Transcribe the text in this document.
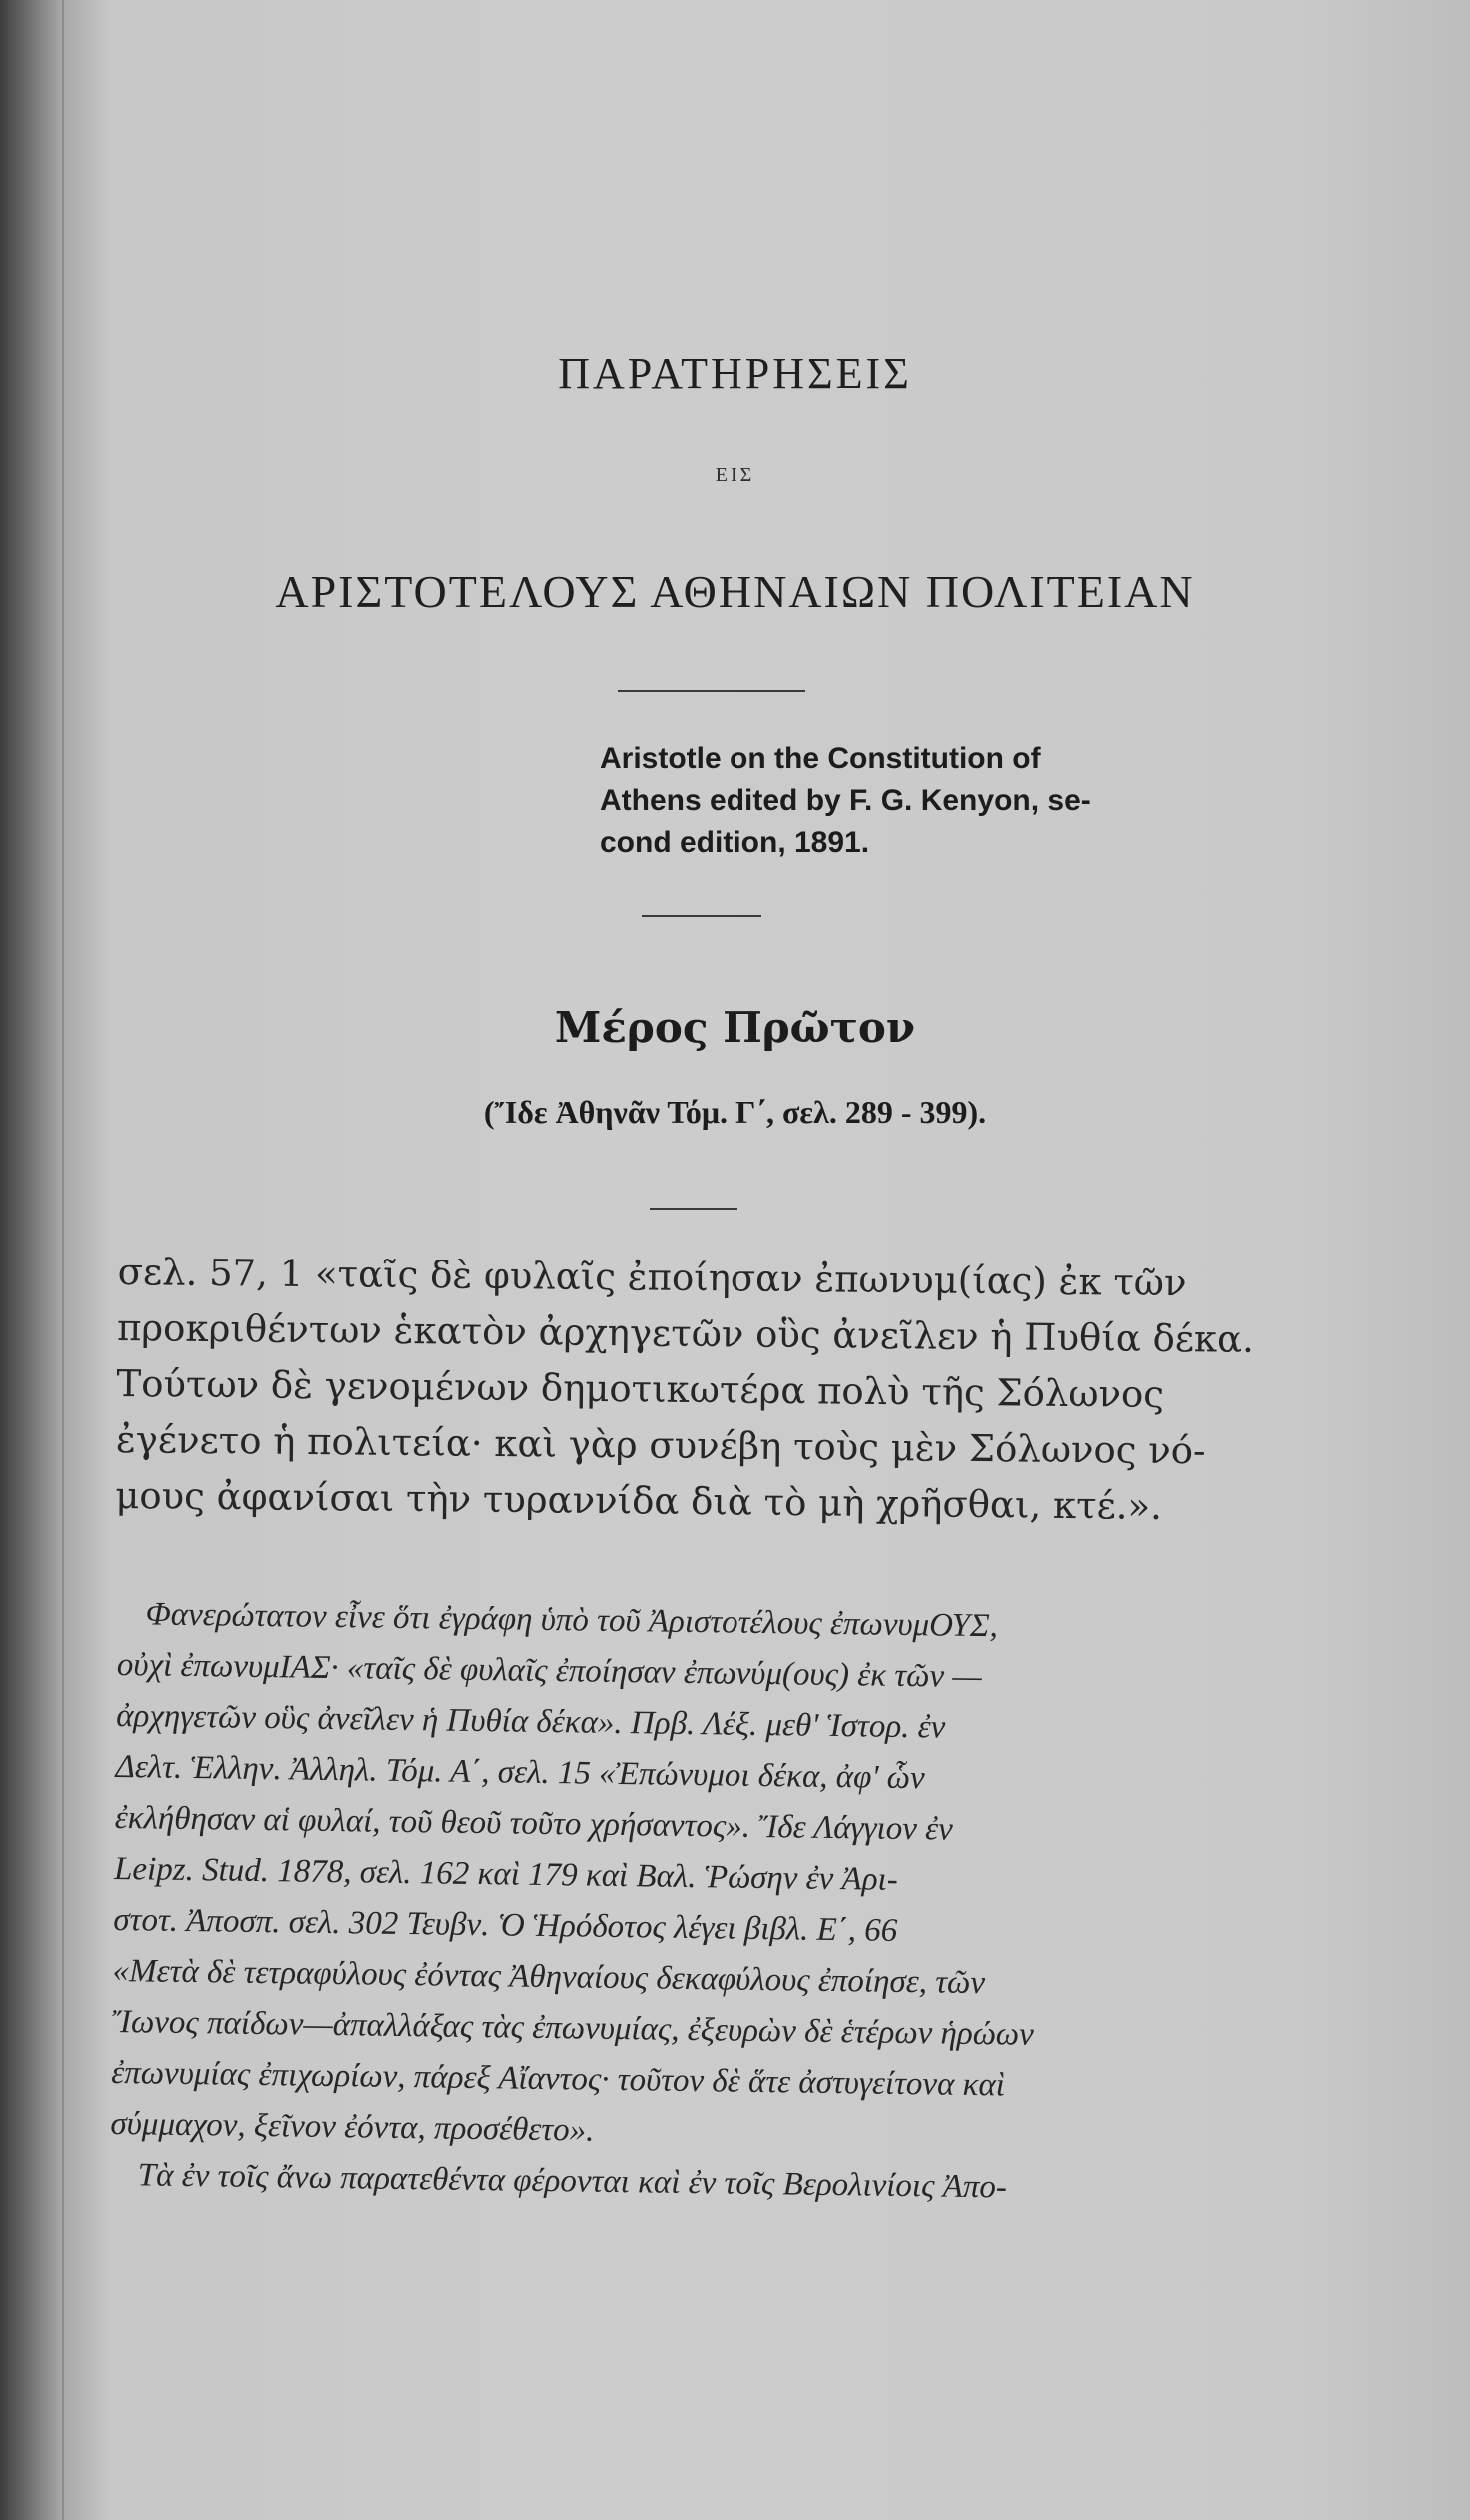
ΠΑΡΑΤΗΡΗΣΕΙΣ
ΕΙΣ
ΑΡΙΣΤΟΤΕΛΟΥΣ ΑΘΗΝΑΙΩΝ ΠΟΛΙΤΕΙΑΝ
Aristotle on the Constitution of
Athens edited by F. G. Kenyon, se-
cond edition, 1891.
Μέρος Πρῶτον
(Ἴδε Ἀθηνᾶν Τόμ. Γ΄, σελ. 289 - 399).
σελ. 57, 1 «ταῖς δὲ φυλαῖς ἐποίησαν ἐπωνυμ(ίας) ἐκ τῶν
προκριθέντων ἑκατὸν ἀρχηγετῶν οὓς ἀνεῖλεν ἡ Πυθία δέκα.
Τούτων δὲ γενομένων δημοτικωτέρα πολὺ τῆς Σόλωνος
ἐγένετο ἡ πολιτεία· καὶ γὰρ συνέβη τοὺς μὲν Σόλωνος νό-
μους ἀφανίσαι τὴν τυραννίδα διὰ τὸ μὴ χρῆσθαι, κτέ.».
Φανερώτατον εἶνε ὅτι ἐγράφη ὑπὸ τοῦ Ἀριστοτέλους ἐπωνυμΟΥΣ,
οὐχὶ ἐπωνυμΙΑΣ· «ταῖς δὲ φυλαῖς ἐποίησαν ἐπωνύμ(ους) ἐκ τῶν —
ἀρχηγετῶν οὓς ἀνεῖλεν ἡ Πυθία δέκα». Πρβ. Λέξ. μεθ' Ἱστορ. ἐν
Δελτ. Ἑλλην. Ἀλληλ. Τόμ. Α΄, σελ. 15 «Ἐπώνυμοι δέκα, ἀφ' ὧν
ἐκλήθησαν αἱ φυλαί, τοῦ θεοῦ τοῦτο χρήσαντος». Ἴδε Λάγγιον ἐν
Leipz. Stud. 1878, σελ. 162 καὶ 179 καὶ Βαλ. Ῥώσην ἐν Ἀρι-
στοτ. Ἀποσπ. σελ. 302 Τευβν. Ὁ Ἡρόδοτος λέγει βιβλ. Ε΄, 66
«Μετὰ δὲ τετραφύλους ἐόντας Ἀθηναίους δεκαφύλους ἐποίησε, τῶν
Ἴωνος παίδων—ἀπαλλάξας τὰς ἐπωνυμίας, ἐξευρὼν δὲ ἑτέρων ἡρώων
ἐπωνυμίας ἐπιχωρίων, πάρεξ Αἴαντος· τοῦτον δὲ ἅτε ἀστυγείτονα καὶ
σύμμαχον, ξεῖνον ἐόντα, προσέθετο».
Τὰ ἐν τοῖς ἄνω παρατεθέντα φέρονται καὶ ἐν τοῖς Βερολινίοις Ἀπο-
